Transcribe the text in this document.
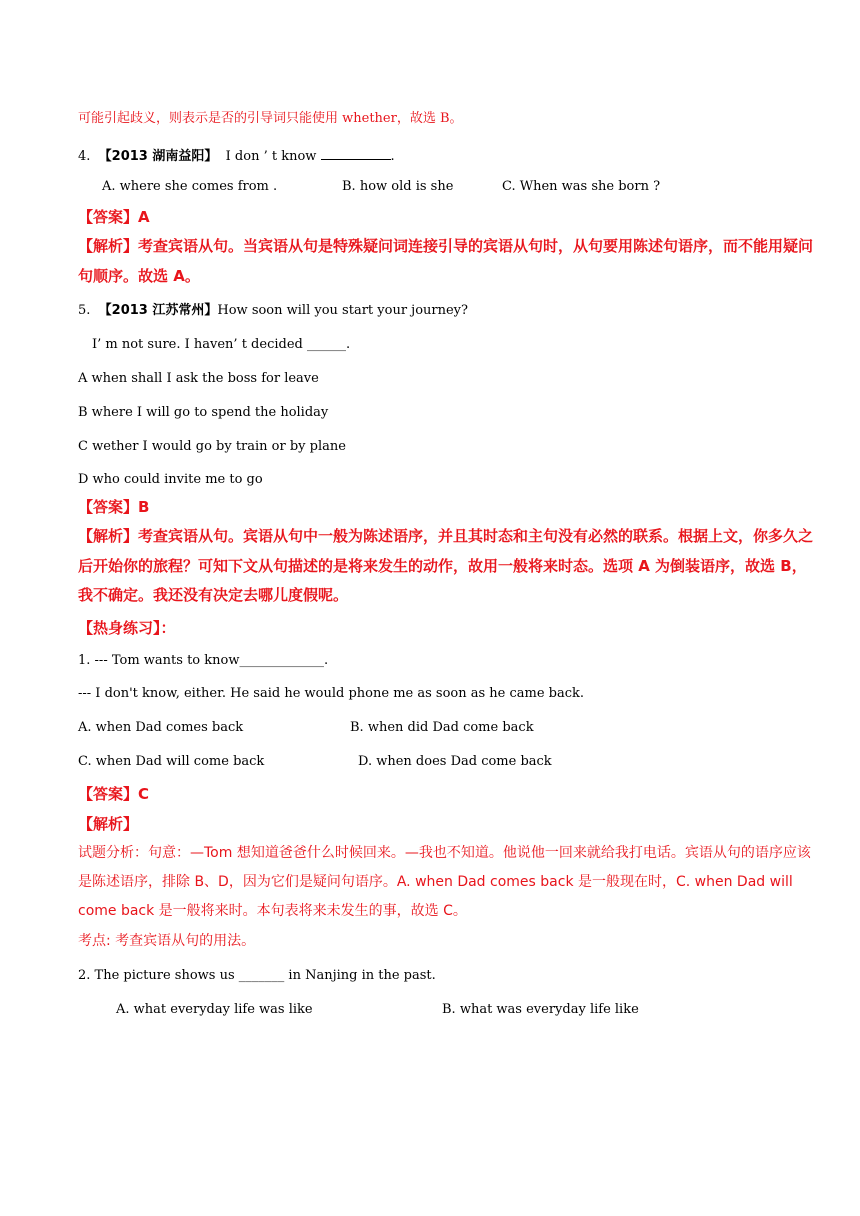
可能引起歧义，则表示是否的引导词只能使用 whether，故选 B。
4. 【2013 湖南益阳】 I don ’ t know	.
A. where she comes from .	B. how old is she	C. When was she born ?
【答案】A
【解析】考查宾语从句。当宾语从句是特殊疑问词连接引导的宾语从句时，从句要用陈述句语序，而不能用疑问句顺序。故选 A。
5. 【2013 江苏常州】How soon will you start your journey?
I’ m not sure. I haven’ t decided ______.
A when shall I ask the boss for leave
B where I will go to spend the holiday
C wether I would go by train or by plane
D who could invite me to go
【答案】B
【解析】考查宾语从句。宾语从句中一般为陈述语序，并且其时态和主句没有必然的联系。根据上文，你多久之后开始你的旅程？可知下文从句描述的是将来发生的动作，故用一般将来时态。选项 A 为倒装语序，故选 B，我不确定。我还没有决定去哪儿度假呢。
【热身练习】：
1. --- Tom wants to know_____________.
--- I don't know, either. He said he would phone me as soon as he came back.
A. when Dad comes back	B. when did Dad come back
C. when Dad will come back	D. when does Dad come back
【答案】C
【解析】
试题分析：句意：—Tom 想知道爸爸什么时候回来。—我也不知道。他说他一回来就给我打电话。宾语从句的语序应该是陈述语序，排除 B、D，因为它们是疑问句语序。A. when Dad comes back 是一般现在时，C. when Dad will come back 是一般将来时。本句表将来未发生的事，故选 C。
考点: 考查宾语从句的用法。
2. The picture shows us _______ in Nanjing in the past.
A. what everyday life was like	B. what was everyday life like
